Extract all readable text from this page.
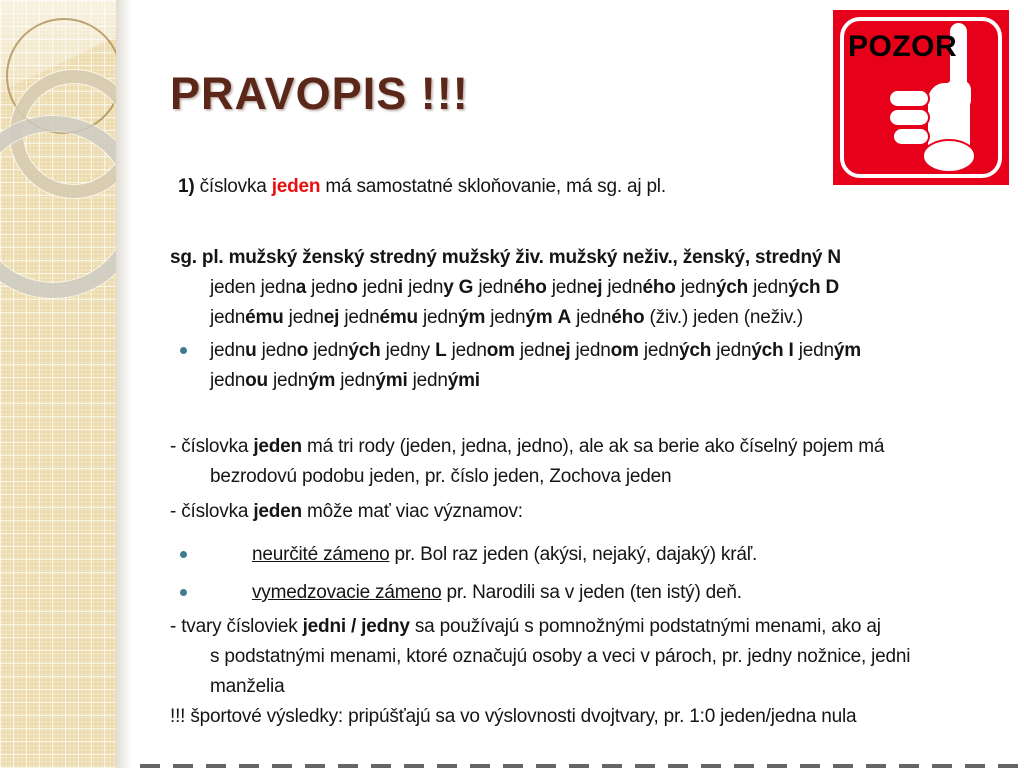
PRAVOPIS !!!
POZOR
1) číslovka jeden má samostatné skloňovanie, má sg. aj pl.
sg. pl. mužský ženský stredný mužský živ. mužský neživ., ženský, stredný N
jeden jedna jedno jedni jedny G jedného jednej jedného jedných jedných D
jednému jednej jednému jedným jedným A jedného (živ.) jeden (neživ.)
jednu jedno jedných jedny L jednom jednej jednom jedných jedných I jedným
jednou jedným jednými jednými
- číslovka jeden má tri rody (jeden, jedna, jedno), ale ak sa berie ako číselný pojem má
bezrodovú podobu jeden, pr. číslo jeden, Zochova jeden
- číslovka jeden môže mať viac významov:
neurčité zámeno pr. Bol raz jeden (akýsi, nejaký, dajaký) kráľ.
vymedzovacie zámeno pr. Narodili sa v jeden (ten istý) deň.
- tvary čísloviek jedni / jedny sa používajú s pomnožnými podstatnými menami, ako aj
s podstatnými menami, ktoré označujú osoby a veci v pároch, pr. jedny nožnice, jedni
manželia
!!! športové výsledky: pripúšťajú sa vo výslovnosti dvojtvary, pr. 1:0 jeden/jedna nula
